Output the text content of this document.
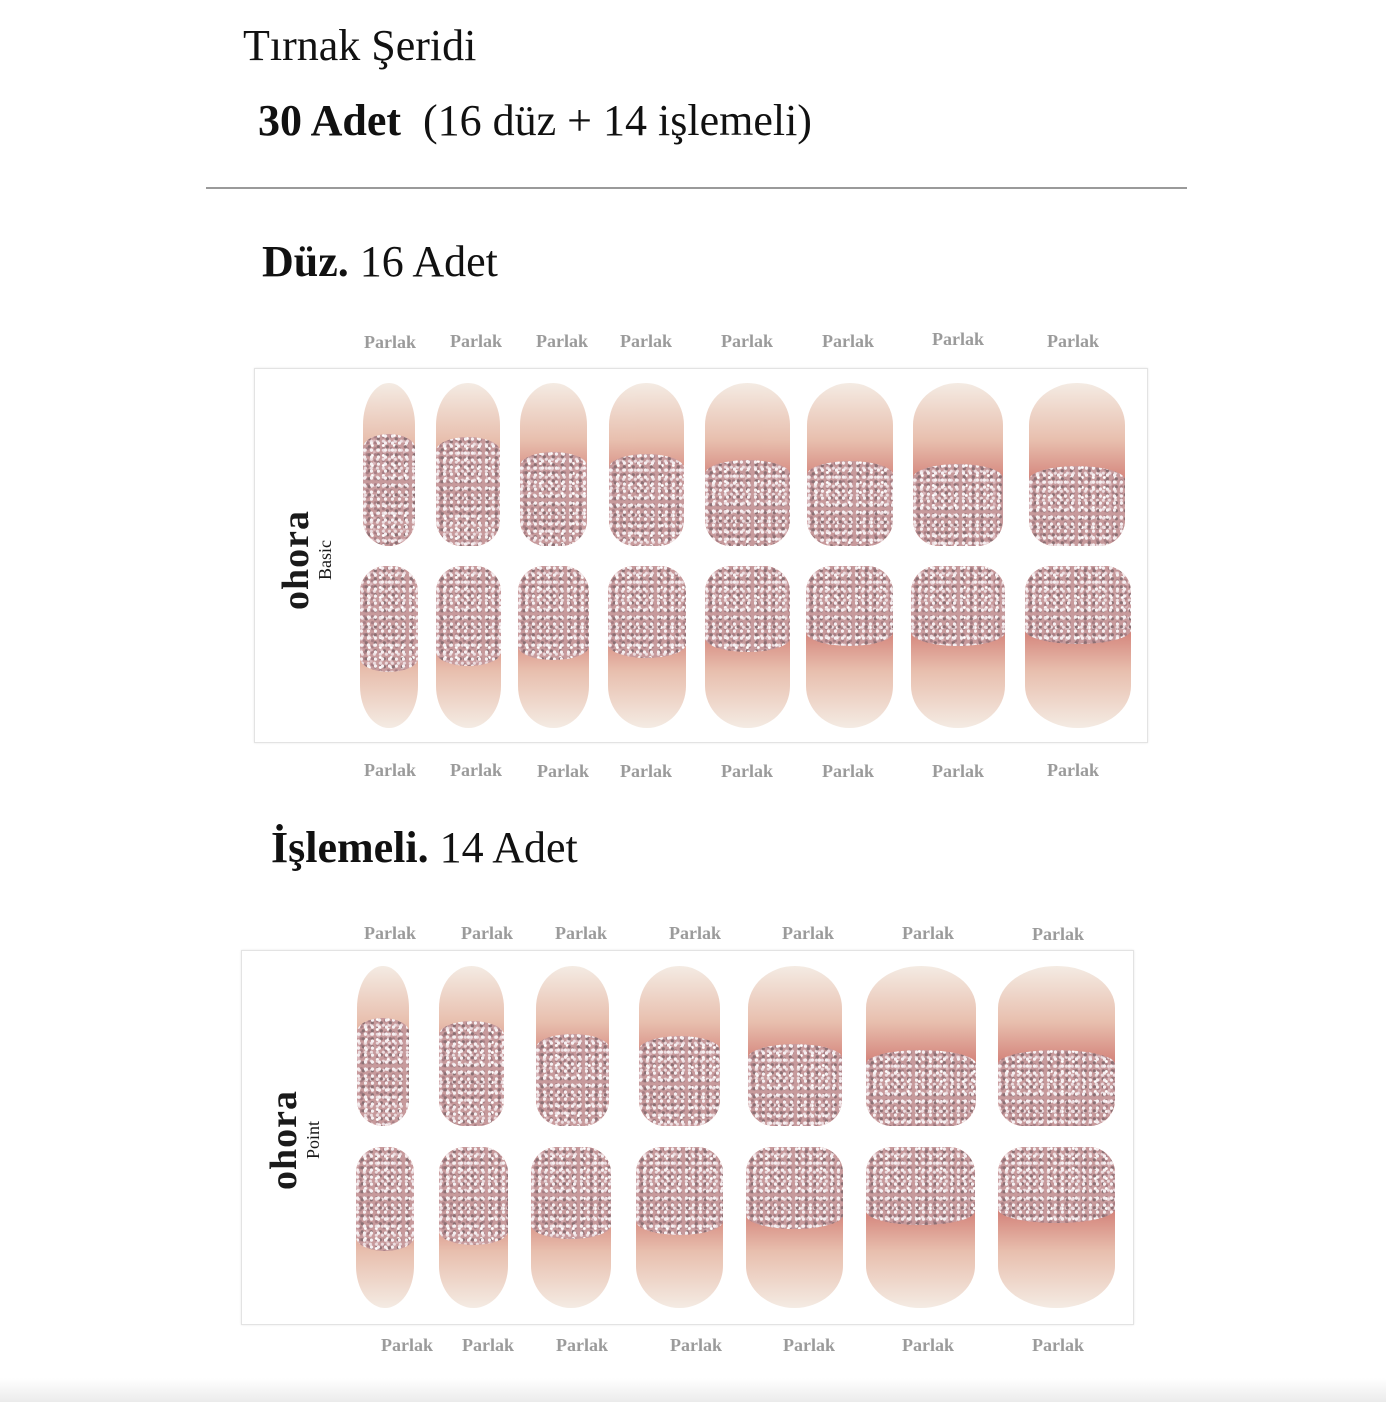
Tırnak Şeridi
30 Adet (16 düz + 14 işlemeli)
Düz. 16 Adet
Parlak Parlak Parlak Parlak	Parlak	Parlak	Parlak	Parlak
ohora
Basic
Parlak Parlak Parlak Parlak	Parlak	Parlak	Parlak	Parlak
İşlemeli. 14 Adet
Parlak	Parlak Parlak	Parlak	Parlak	Parlak	Parlak
ohora
Point
Parlak Parlak Parlak	Parlak	Parlak	Parlak	Parlak
